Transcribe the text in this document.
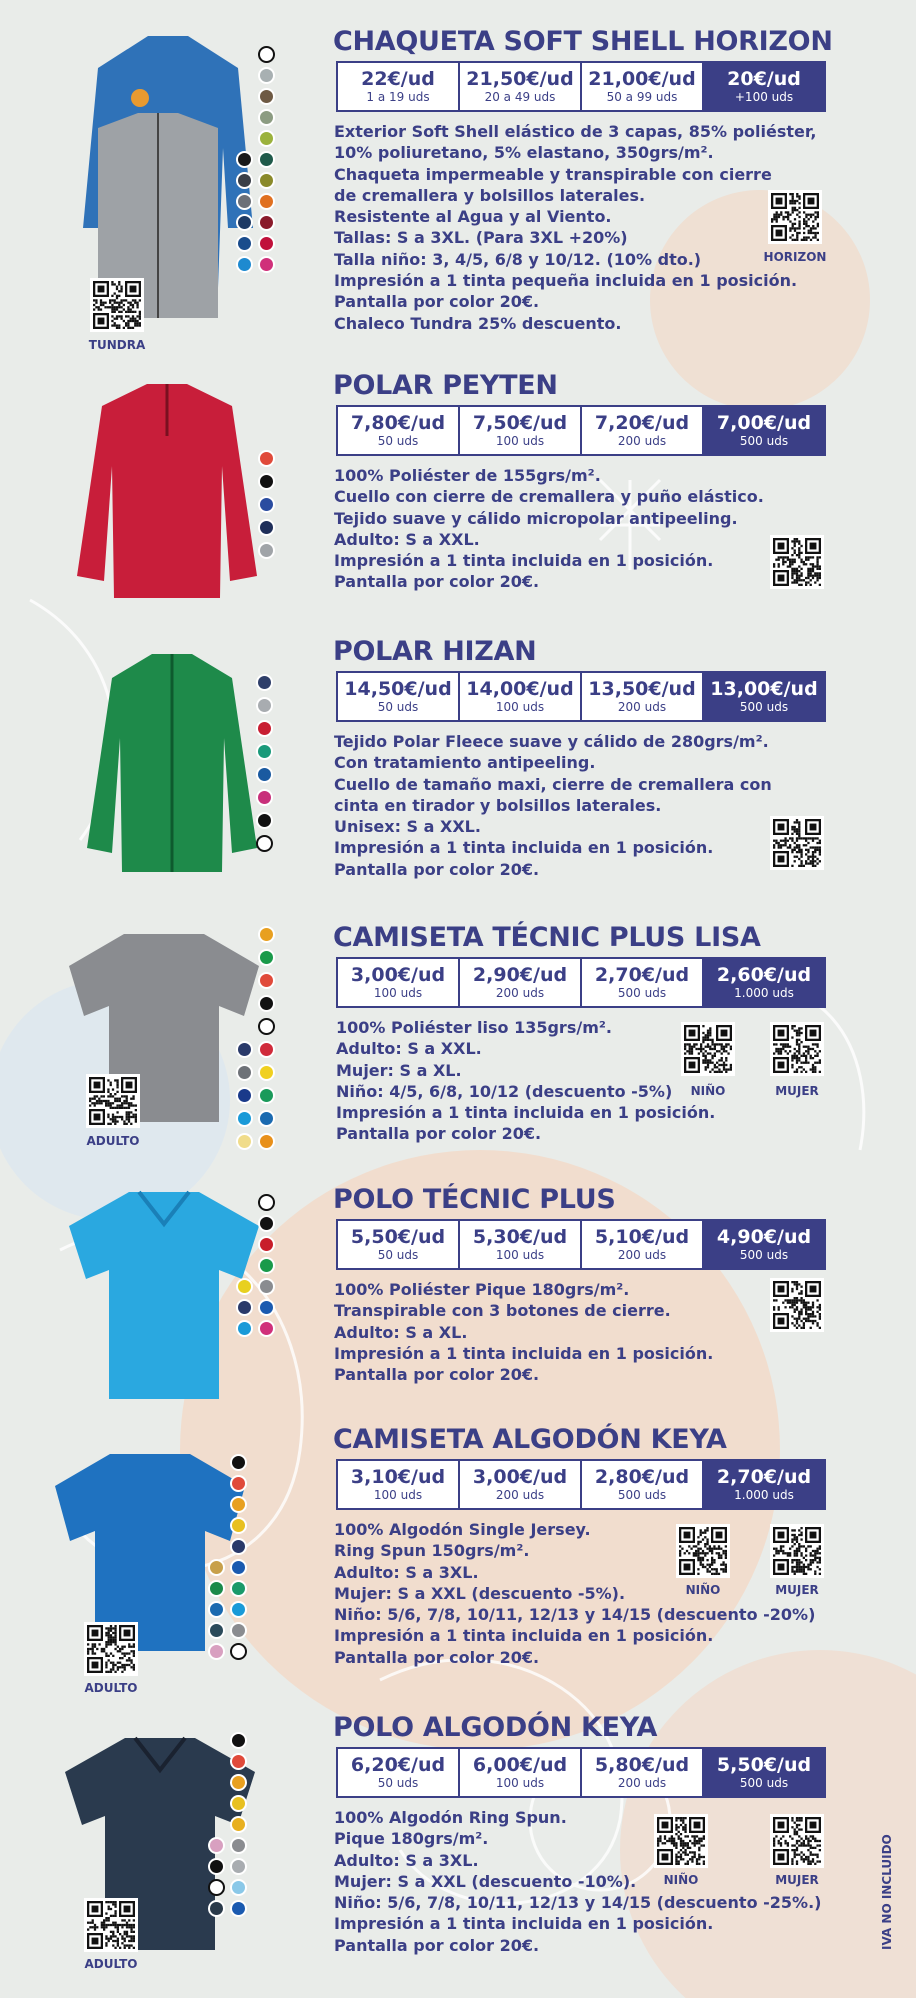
TUNDRA
HORIZON
CHAQUETA SOFT SHELL HORIZON
22€/ud
1 a 19 uds
21,50€/ud
20 a 49 uds
21,00€/ud
50 a 99 uds
20€/ud
+100 uds
Exterior Soft Shell elástico de 3 capas, 85% poliéster,
10% poliuretano, 5% elastano, 350grs/m².
Chaqueta impermeable y transpirable con cierre
de cremallera y bolsillos laterales.
Resistente al Agua y al Viento.
Tallas: S a 3XL. (Para 3XL +20%)
Talla niño: 3, 4/5, 6/8 y 10/12. (10% dto.)
Impresión a 1 tinta pequeña incluida en 1 posición.
Pantalla por color 20€.
Chaleco Tundra 25% descuento.
POLAR PEYTEN
7,80€/ud
50 uds
7,50€/ud
100 uds
7,20€/ud
200 uds
7,00€/ud
500 uds
100% Poliéster de 155grs/m².
Cuello con cierre de cremallera y puño elástico.
Tejido suave y cálido micropolar antipeeling.
Adulto: S a XXL.
Impresión a 1 tinta incluida en 1 posición.
Pantalla por color 20€.
POLAR HIZAN
14,50€/ud
50 uds
14,00€/ud
100 uds
13,50€/ud
200 uds
13,00€/ud
500 uds
Tejido Polar Fleece suave y cálido de 280grs/m².
Con tratamiento antipeeling.
Cuello de tamaño maxi, cierre de cremallera con
cinta en tirador y bolsillos laterales.
Unisex: S a XXL.
Impresión a 1 tinta incluida en 1 posición.
Pantalla por color 20€.
ADULTO
NIÑO	MUJER
CAMISETA TÉCNIC PLUS LISA
3,00€/ud
100 uds
2,90€/ud
200 uds
2,70€/ud
500 uds
2,60€/ud
1.000 uds
100% Poliéster liso 135grs/m².
Adulto: S a XXL.
Mujer: S a XL.
Niño: 4/5, 6/8, 10/12 (descuento -5%)
Impresión a 1 tinta incluida en 1 posición.
Pantalla por color 20€.
POLO TÉCNIC PLUS
5,50€/ud
50 uds
5,30€/ud
100 uds
5,10€/ud
200 uds
4,90€/ud
500 uds
100% Poliéster Pique 180grs/m².
Transpirable con 3 botones de cierre.
Adulto: S a XL.
Impresión a 1 tinta incluida en 1 posición.
Pantalla por color 20€.
ADULTO
NIÑO	MUJER
CAMISETA ALGODÓN KEYA
3,10€/ud
100 uds
3,00€/ud
200 uds
2,80€/ud
500 uds
2,70€/ud
1.000 uds
100% Algodón Single Jersey.
Ring Spun 150grs/m².
Adulto: S a 3XL.
Mujer: S a XXL (descuento -5%).
Niño: 5/6, 7/8, 10/11, 12/13 y 14/15 (descuento -20%)
Impresión a 1 tinta incluida en 1 posición.
Pantalla por color 20€.
ADULTO
NIÑO	MUJER
POLO ALGODÓN KEYA
6,20€/ud
50 uds
6,00€/ud
100 uds
5,80€/ud
200 uds
5,50€/ud
500 uds
100% Algodón Ring Spun.
Pique 180grs/m².
Adulto: S a 3XL.
Mujer: S a XXL (descuento -10%).
Niño: 5/6, 7/8, 10/11, 12/13 y 14/15 (descuento -25%.)
Impresión a 1 tinta incluida en 1 posición.
Pantalla por color 20€.	IVA NO INCLUIDO
